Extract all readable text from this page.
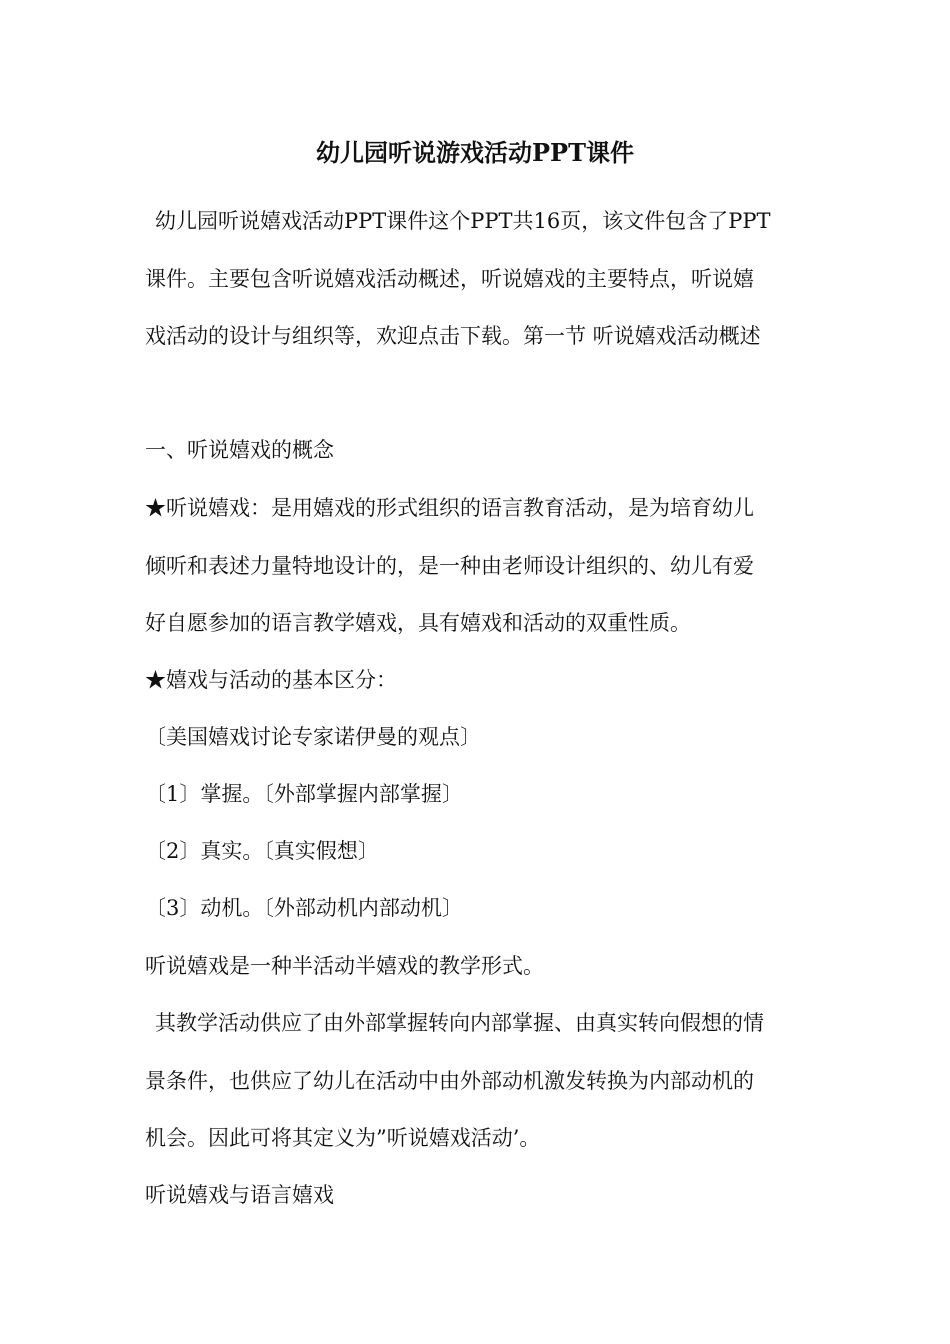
幼儿园听说游戏活动PPT课件
幼儿园听说嬉戏活动PPT课件这个PPT共16页，该文件包含了PPT
课件。主要包含听说嬉戏活动概述，听说嬉戏的主要特点，听说嬉
戏活动的设计与组织等，欢迎点击下载。第一节 听说嬉戏活动概述
一、听说嬉戏的概念
★听说嬉戏：是用嬉戏的形式组织的语言教育活动，是为培育幼儿
倾听和表述力量特地设计的，是一种由老师设计组织的、幼儿有爱
好自愿参加的语言教学嬉戏，具有嬉戏和活动的双重性质。
★嬉戏与活动的基本区分：
〔美国嬉戏讨论专家诺伊曼的观点〕
〔1〕掌握。〔外部掌握内部掌握〕
〔2〕真实。〔真实假想〕
〔3〕动机。〔外部动机内部动机〕
听说嬉戏是一种半活动半嬉戏的教学形式。
其教学活动供应了由外部掌握转向内部掌握、由真实转向假想的情
景条件，也供应了幼儿在活动中由外部动机激发转换为内部动机的
机会。因此可将其定义为”听说嬉戏活动’。
听说嬉戏与语言嬉戏
